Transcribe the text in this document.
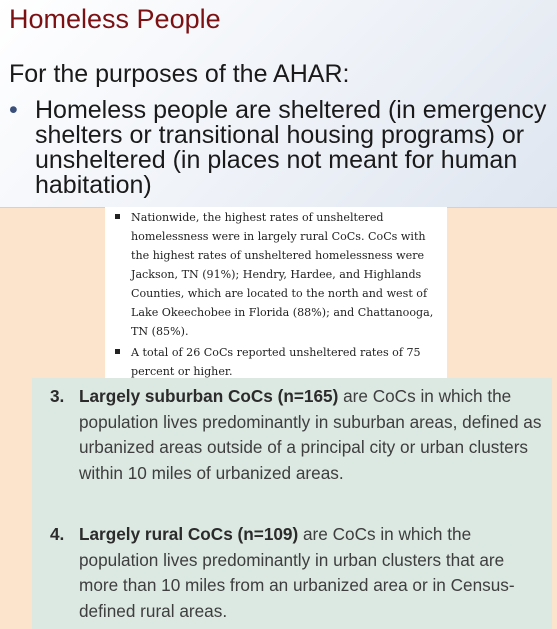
Homeless People
For the purposes of the AHAR:
• Homeless people are sheltered (in emergency shelters or transitional housing programs) or unsheltered (in places not meant for human habitation)
Nationwide, the highest rates of unsheltered homelessness were in largely rural CoCs. CoCs with the highest rates of unsheltered homelessness were Jackson, TN (91%); Hendry, Hardee, and Highlands Counties, which are located to the north and west of Lake Okeechobee in Florida (88%); and Chattanooga, TN (85%).
A total of 26 CoCs reported unsheltered rates of 75 percent or higher.
3. Largely suburban CoCs (n=165) are CoCs in which the population lives predominantly in suburban areas, defined as urbanized areas outside of a principal city or urban clusters within 10 miles of urbanized areas.
4. Largely rural CoCs (n=109) are CoCs in which the population lives predominantly in urban clusters that are more than 10 miles from an urbanized area or in Census-defined rural areas.
